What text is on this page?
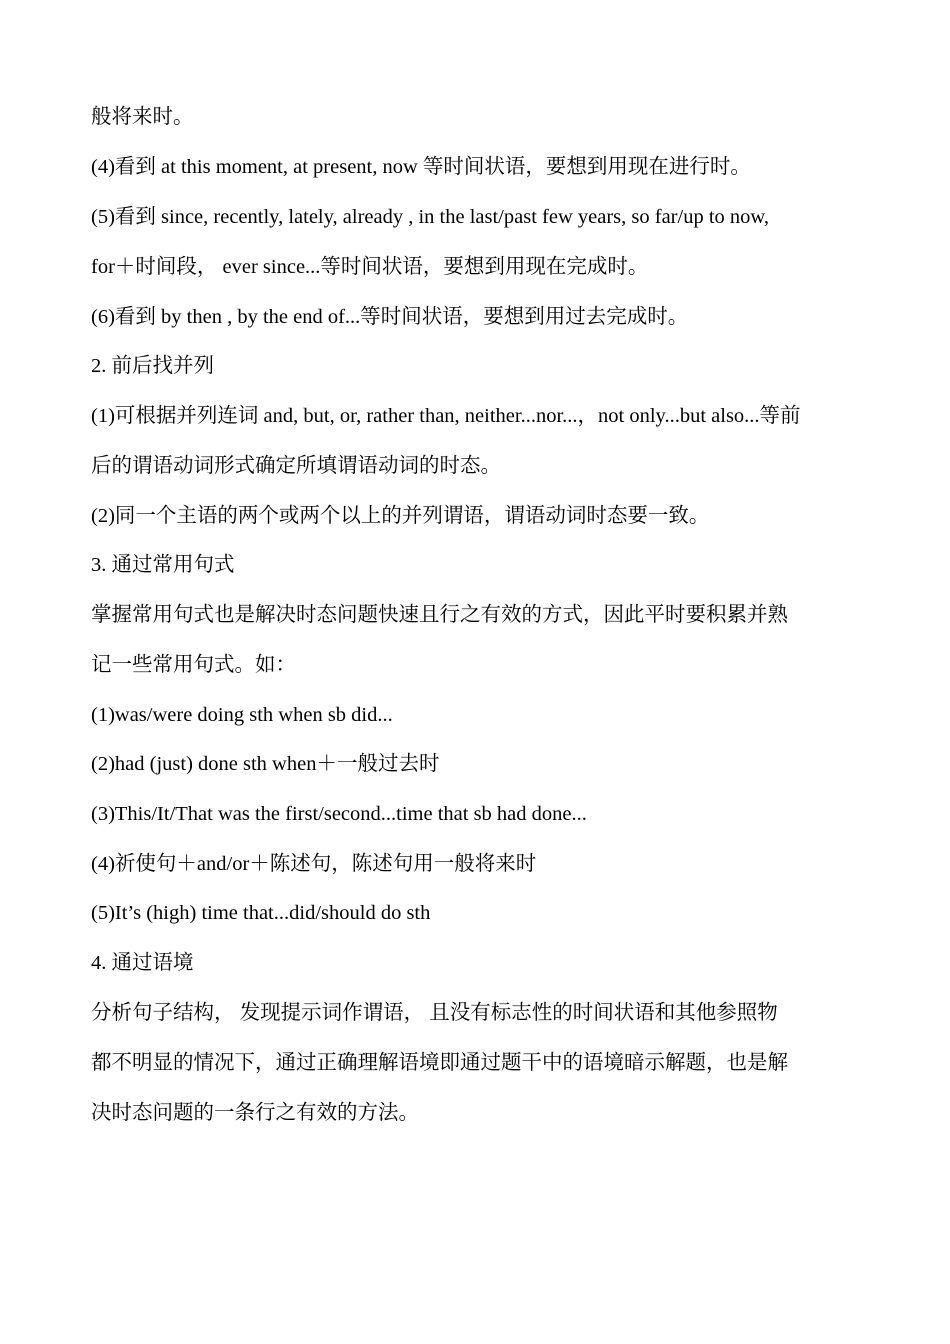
般将来时。
(4)看到 at this moment, at present, now 等时间状语，要想到用现在进行时。
(5)看到 since, recently, lately, already , in the last/past few years, so far/up to now,
for＋时间段， ever since...等时间状语，要想到用现在完成时。
(6)看到 by then , by the end of...等时间状语，要想到用过去完成时。
2. 前后找并列
(1)可根据并列连词 and, but, or, rather than, neither...nor...，not only...but also...等前
后的谓语动词形式确定所填谓语动词的时态。
(2)同一个主语的两个或两个以上的并列谓语，谓语动词时态要一致。
3. 通过常用句式
掌握常用句式也是解决时态问题快速且行之有效的方式，因此平时要积累并熟
记一些常用句式。如：
(1)was/were doing sth when sb did...
(2)had (just) done sth when＋一般过去时
(3)This/It/That was the first/second...time that sb had done...
(4)祈使句＋and/or＋陈述句，陈述句用一般将来时
(5)It’s (high) time that...did/should do sth
4. 通过语境
分析句子结构， 发现提示词作谓语， 且没有标志性的时间状语和其他参照物
都不明显的情况下，通过正确理解语境即通过题干中的语境暗示解题，也是解
决时态问题的一条行之有效的方法。
